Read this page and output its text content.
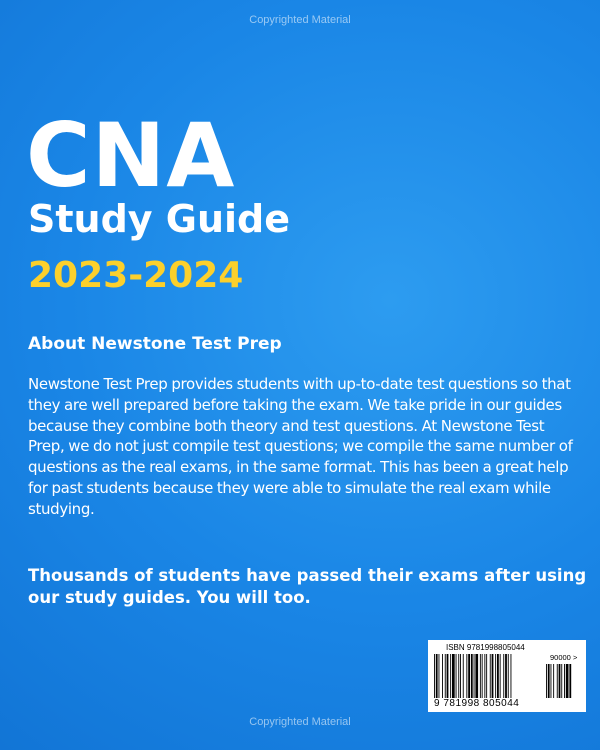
Copyrighted Material
CNA
Study Guide
2023-2024
About Newstone Test Prep

Newstone Test Prep provides students with up-to-date test questions so that they are well prepared before taking the exam. We take pride in our guides because they combine both theory and test questions. At Newstone Test Prep, we do not just compile test questions; we compile the same number of questions as the real exams, in the same format. This has been a great help for past students because they were able to simulate the real exam while studying.

Thousands of students have passed their exams after using our study guides. You will too.

ISBN 9781998805044
90000 >
9 781998 805044
Copyrighted Material
